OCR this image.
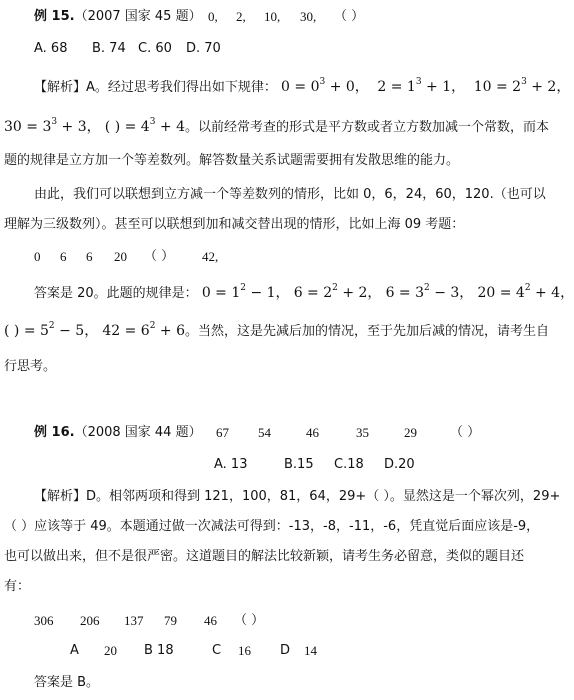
例 15.（2007 国家 45 题） 0, 2, 10, 30, （ ）
A. 68 B. 74 C. 60 D. 70
【解析】A。经过思考我们得出如下规律： $0 = 0^3 + 0$， $2 = 1^3 + 1$， $10 = 2^3 + 2$，
$30 = 3^3 + 3$， ( ) = $4^3 + 4$。以前经常考查的形式是平方数或者立方数加减一个常数，而本
题的规律是立方加一个等差数列。解答数量关系试题需要拥有发散思维的能力。
由此，我们可以联想到立方减一个等差数列的情形，比如 0，6，24，60，120.（也可以
理解为三级数列）。甚至可以联想到加和减交替出现的情形，比如上海 09 考题：
0 6 6 20 （ ） 42,
答案是 20。此题的规律是： $0 = 1^2 - 1$， $6 = 2^2 + 2$， $6 = 3^2 - 3$， $20 = 4^2 + 4$，
( ) = $5^2 - 5$， $42 = 6^2 + 6$。当然，这是先减后加的情况，至于先加后减的情况，请考生自
行思考。
例 16.（2008 国家 44 题） 67 54	46	35	29	（ ）
A. 13	B.15 C.18 D.20
【解析】D。相邻两项和得到 121，100，81，64，29+（ ）。显然这是一个幂次列，29+
（ ）应该等于 49。本题通过做一次减法可得到：-13，-8，-11，-6，凭直觉后面应该是-9，
也可以做出来，但不是很严密。这道题目的解法比较新颖，请考生务必留意，类似的题目还
有：
306 206 137 79 46 （ ）
A 20 B 18	C 16 D 14
答案是 B。
